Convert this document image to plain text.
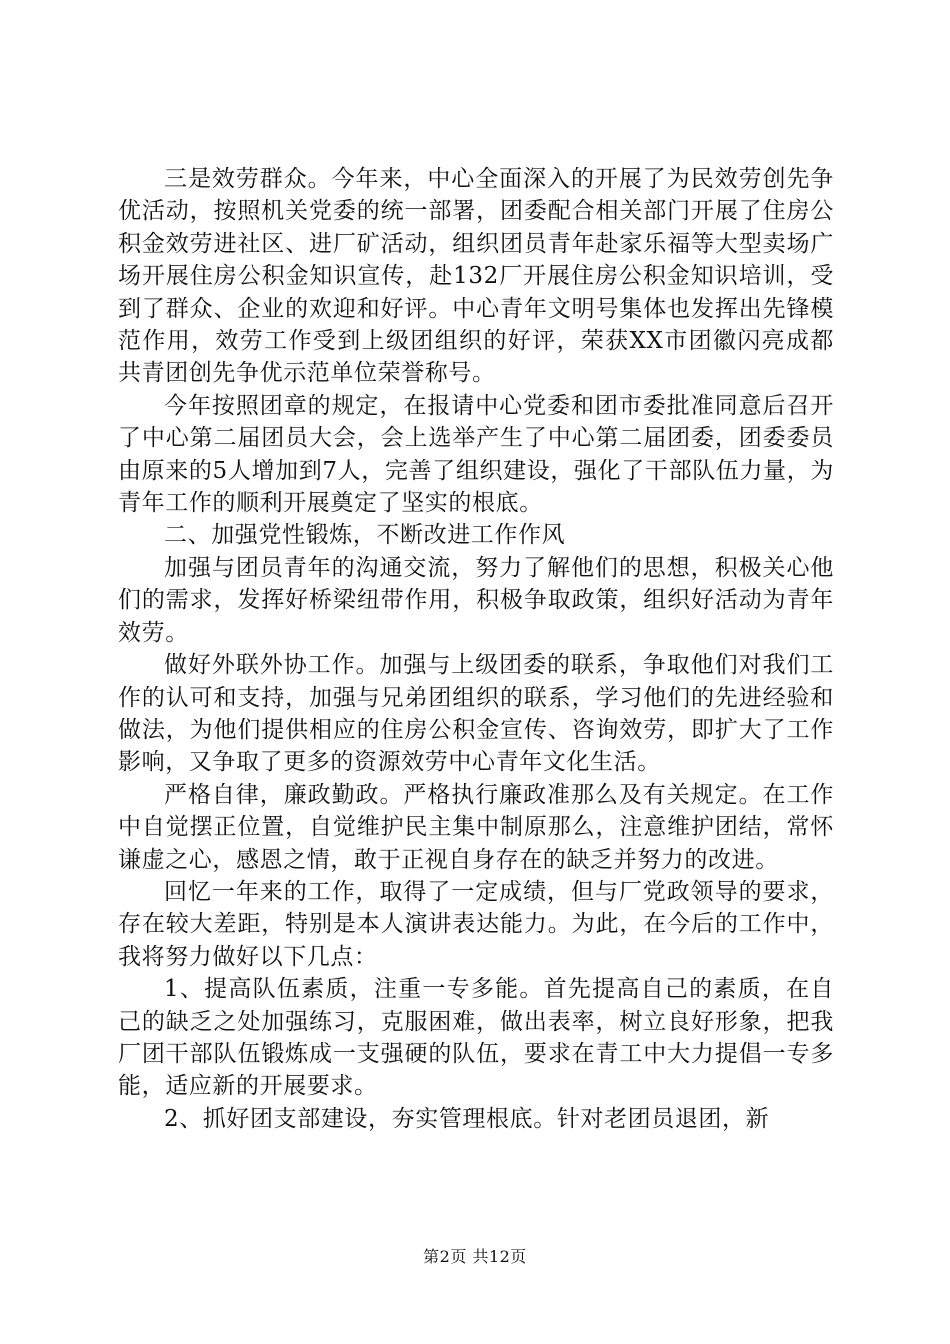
三是效劳群众。今年来，中心全面深入的开展了为民效劳创先争优活动，按照机关党委的统一部署，团委配合相关部门开展了住房公积金效劳进社区、进厂矿活动，组织团员青年赴家乐福等大型卖场广场开展住房公积金知识宣传，赴132厂开展住房公积金知识培训，受到了群众、企业的欢迎和好评。中心青年文明号集体也发挥出先锋模范作用，效劳工作受到上级团组织的好评，荣获XX市团徽闪亮成都共青团创先争优示范单位荣誉称号。

今年按照团章的规定，在报请中心党委和团市委批准同意后召开了中心第二届团员大会，会上选举产生了中心第二届团委，团委委员由原来的5人增加到7人，完善了组织建设，强化了干部队伍力量，为青年工作的顺利开展奠定了坚实的根底。

二、加强党性锻炼，不断改进工作作风

加强与团员青年的沟通交流，努力了解他们的思想，积极关心他们的需求，发挥好桥梁纽带作用，积极争取政策，组织好活动为青年效劳。

做好外联外协工作。加强与上级团委的联系，争取他们对我们工作的认可和支持，加强与兄弟团组织的联系，学习他们的先进经验和做法，为他们提供相应的住房公积金宣传、咨询效劳，即扩大了工作影响，又争取了更多的资源效劳中心青年文化生活。

严格自律，廉政勤政。严格执行廉政准那么及有关规定。在工作中自觉摆正位置，自觉维护民主集中制原那么，注意维护团结，常怀谦虚之心，感恩之情，敢于正视自身存在的缺乏并努力的改进。

回忆一年来的工作，取得了一定成绩，但与厂党政领导的要求，存在较大差距，特别是本人演讲表达能力。为此，在今后的工作中，我将努力做好以下几点：

1、提高队伍素质，注重一专多能。首先提高自己的素质，在自己的缺乏之处加强练习，克服困难，做出表率，树立良好形象，把我厂团干部队伍锻炼成一支强硬的队伍，要求在青工中大力提倡一专多能，适应新的开展要求。

2、抓好团支部建设，夯实管理根底。针对老团员退团，新

第2页 共12页
